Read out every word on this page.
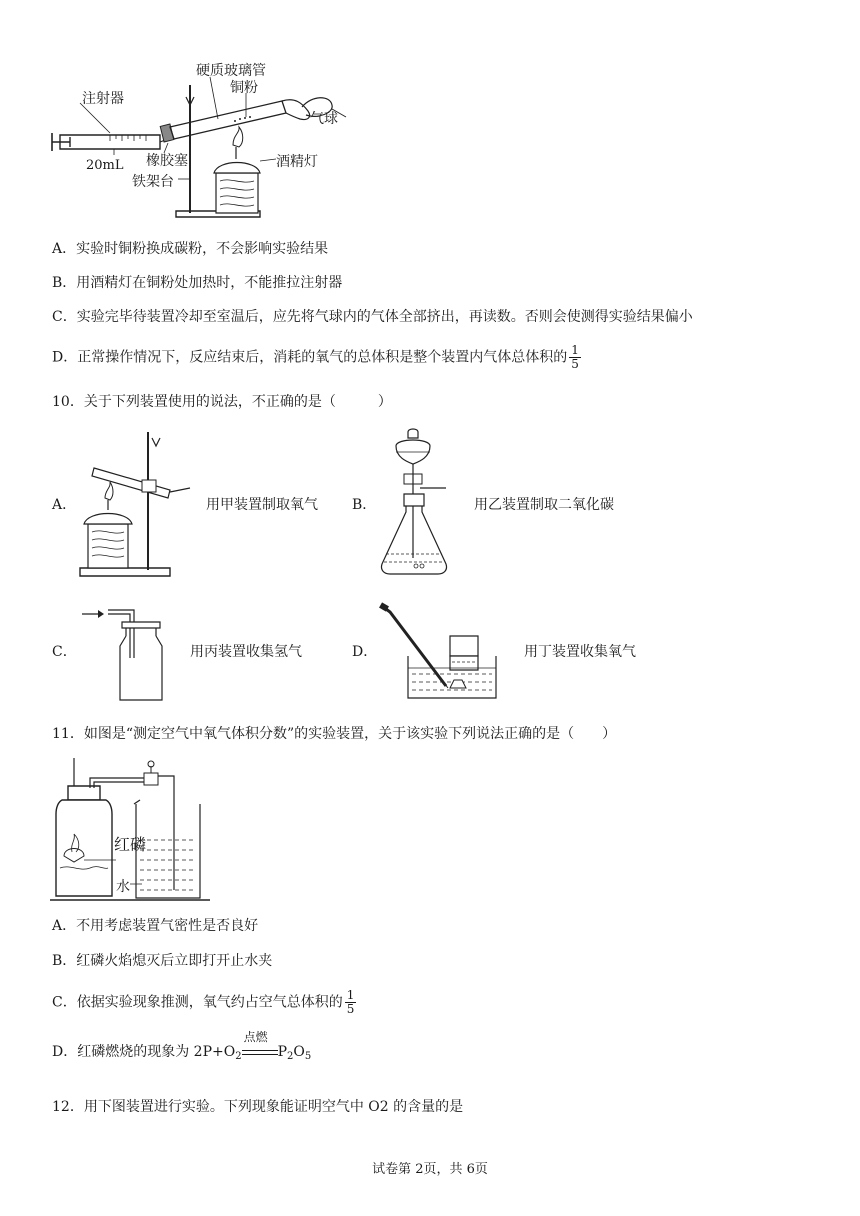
注射器
硬质玻璃管
铜粉
气球
20mL 橡胶塞	酒精灯
铁架台
A．实验时铜粉换成碳粉，不会影响实验结果
B．用酒精灯在铜粉处加热时，不能推拉注射器
C．实验完毕待装置冷却至室温后，应先将气球内的气体全部挤出，再读数。否则会使测得实验结果偏小
D．正常操作情况下，反应结束后，消耗的氧气的总体积是整个装置内气体总体积的 $\frac{1}{5}$
10．关于下列装置使用的说法，不正确的是（　　　）
A．	用甲装置制取氧气 B．	用乙装置制取二氧化碳
C．	用丙装置收集氢气	D．	用丁装置收集氧气
11．如图是“测定空气中氧气体积分数”的实验装置，关于该实验下列说法正确的是（　　）
红磷
水
A．不用考虑装置气密性是否良好
B．红磷火焰熄灭后立即打开止水夹
C．依据实验现象推测，氧气约占空气总体积的 $\frac{1}{5}$
D．红磷燃烧的现象为 $2P+O_2$
点燃
$P_2O_5$
12．用下图装置进行实验。下列现象能证明空气中 O2 的含量的是
试卷第 2页，共 6页
